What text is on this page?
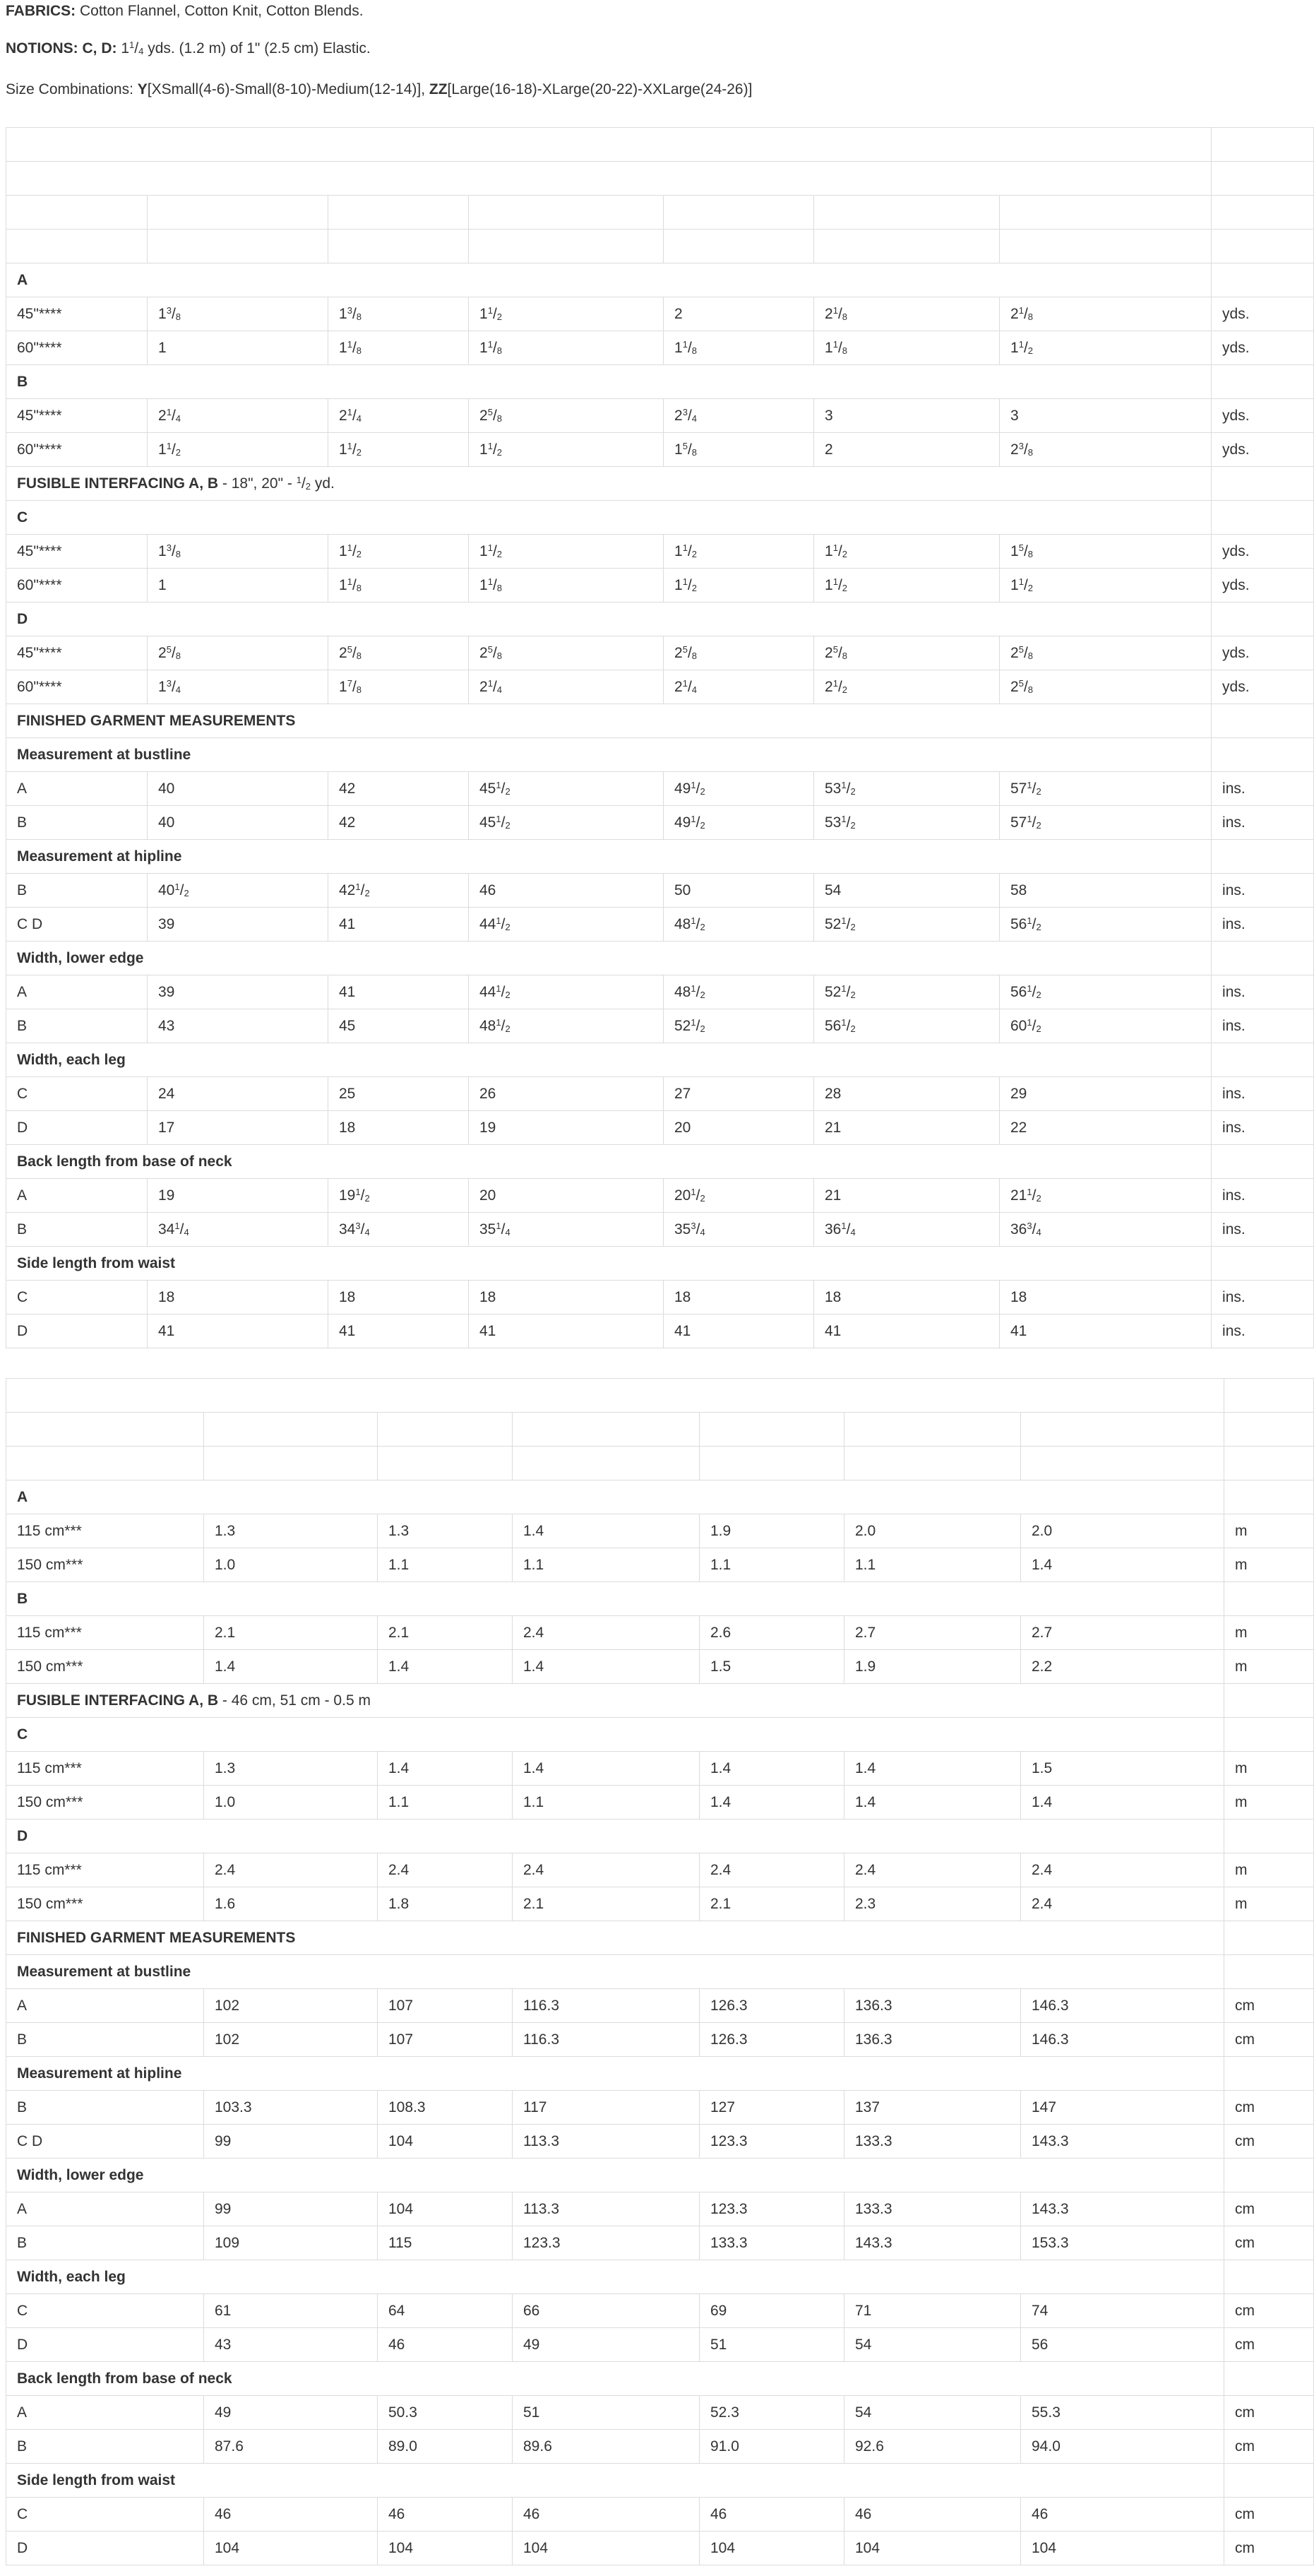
FABRICS: Cotton Flannel, Cotton Knit, Cotton Blends.

NOTIONS: C, D: $1^1/_4$ yds. (1.2 m) of 1" (2.5 cm) Elastic.

Size Combinations: Y[XSmall(4-6)-Small(8-10)-Medium(12-14)], ZZ[Large(16-18)-XLarge(20-22)-XXLarge(24-26)]

A							
45"****	$1^3/_8$	$1^3/_8$	$1^1/_2$	2	$2^1/_8$	$2^1/_8$	yds.
60"****	1	$1^1/_8$	$1^1/_8$	$1^1/_8$	$1^1/_8$	$1^1/_2$	yds.
B							
45"****	$2^1/_4$	$2^1/_4$	$2^5/_8$	$2^3/_4$	3	3	yds.
60"****	$1^1/_2$	$1^1/_2$	$1^1/_2$	$1^5/_8$	2	$2^3/_8$	yds.
FUSIBLE INTERFACING A, B - 18", 20" - $^1/_2$ yd.							
C							
45"****	$1^3/_8$	$1^1/_2$	$1^1/_2$	$1^1/_2$	$1^1/_2$	$1^5/_8$	yds.
60"****	1	$1^1/_8$	$1^1/_8$	$1^1/_2$	$1^1/_2$	$1^1/_2$	yds.
D							
45"****	$2^5/_8$	$2^5/_8$	$2^5/_8$	$2^5/_8$	$2^5/_8$	$2^5/_8$	yds.
60"****	$1^3/_4$	$1^7/_8$	$2^1/_4$	$2^1/_4$	$2^1/_2$	$2^5/_8$	yds.
FINISHED GARMENT MEASUREMENTS							
Measurement at bustline							
A	40	42	$45^1/_2$	$49^1/_2$	$53^1/_2$	$57^1/_2$	ins.
B	40	42	$45^1/_2$	$49^1/_2$	$53^1/_2$	$57^1/_2$	ins.
Measurement at hipline							
B	$40^1/_2$	$42^1/_2$	46	50	54	58	ins.
C D	39	41	$44^1/_2$	$48^1/_2$	$52^1/_2$	$56^1/_2$	ins.
Width, lower edge							
A	39	41	$44^1/_2$	$48^1/_2$	$52^1/_2$	$56^1/_2$	ins.
B	43	45	$48^1/_2$	$52^1/_2$	$56^1/_2$	$60^1/_2$	ins.
Width, each leg							
C	24	25	26	27	28	29	ins.
D	17	18	19	20	21	22	ins.
Back length from base of neck							
A	19	$19^1/_2$	20	$20^1/_2$	21	$21^1/_2$	ins.
B	$34^1/_4$	$34^3/_4$	$35^1/_4$	$35^3/_4$	$36^1/_4$	$36^3/_4$	ins.
Side length from waist							
C	18	18	18	18	18	18	ins.
D	41	41	41	41	41	41	ins.

A							
115 cm***	1.3	1.3	1.4	1.9	2.0	2.0	m
150 cm***	1.0	1.1	1.1	1.1	1.1	1.4	m
B							
115 cm***	2.1	2.1	2.4	2.6	2.7	2.7	m
150 cm***	1.4	1.4	1.4	1.5	1.9	2.2	m
FUSIBLE INTERFACING A, B - 46 cm, 51 cm - 0.5 m							
C							
115 cm***	1.3	1.4	1.4	1.4	1.4	1.5	m
150 cm***	1.0	1.1	1.1	1.4	1.4	1.4	m
D							
115 cm***	2.4	2.4	2.4	2.4	2.4	2.4	m
150 cm***	1.6	1.8	2.1	2.1	2.3	2.4	m
FINISHED GARMENT MEASUREMENTS							
Measurement at bustline							
A	102	107	116.3	126.3	136.3	146.3	cm
B	102	107	116.3	126.3	136.3	146.3	cm
Measurement at hipline							
B	103.3	108.3	117	127	137	147	cm
C D	99	104	113.3	123.3	133.3	143.3	cm
Width, lower edge							
A	99	104	113.3	123.3	133.3	143.3	cm
B	109	115	123.3	133.3	143.3	153.3	cm
Width, each leg							
C	61	64	66	69	71	74	cm
D	43	46	49	51	54	56	cm
Back length from base of neck							
A	49	50.3	51	52.3	54	55.3	cm
B	87.6	89.0	89.6	91.0	92.6	94.0	cm
Side length from waist							
C	46	46	46	46	46	46	cm
D	104	104	104	104	104	104	cm
